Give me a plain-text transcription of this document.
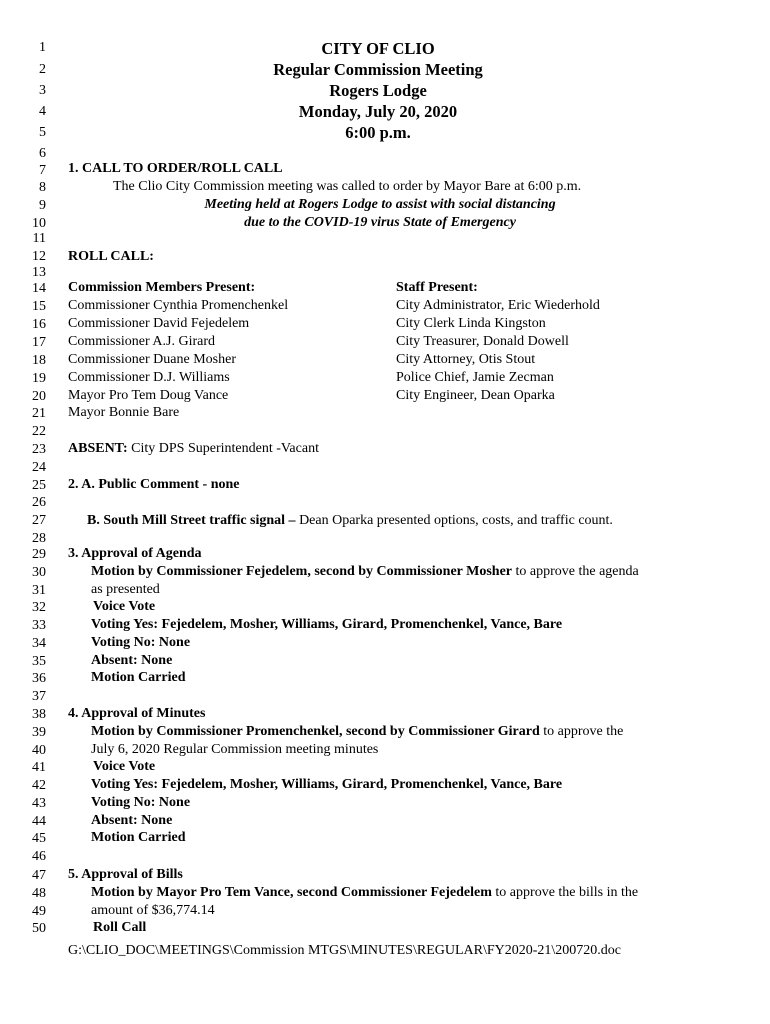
1
2
3
4
5
6
7
8
9
10
11
12
13
14
15
16
17
18
19
20
21
22
23
24
25
26
27
28
29
30
31
32
33
34
35
36
37
38
39
40
41
42
43
44
45
46
47
48
49
50
CITY OF CLIO
Regular Commission Meeting
Rogers Lodge
Monday, July 20, 2020
6:00 p.m.
1. CALL TO ORDER/ROLL CALL
The Clio City Commission meeting was called to order by Mayor Bare at 6:00 p.m.
Meeting held at Rogers Lodge to assist with social distancing
due to the COVID-19 virus State of Emergency
ROLL CALL:
Commission Members Present:	Staff Present:
Commissioner Cynthia Promenchenkel
Commissioner David Fejedelem
Commissioner A.J. Girard
Commissioner Duane Mosher
Commissioner D.J. Williams
Mayor Pro Tem Doug Vance
Mayor Bonnie Bare
City Administrator, Eric Wiederhold
City Clerk Linda Kingston
City Treasurer, Donald Dowell
City Attorney, Otis Stout
Police Chief, Jamie Zecman
City Engineer, Dean Oparka
ABSENT: City DPS Superintendent -Vacant
2. A. Public Comment - none
B. South Mill Street traffic signal – Dean Oparka presented options, costs, and traffic count.
3. Approval of Agenda
Motion by Commissioner Fejedelem, second by Commissioner Mosher to approve the agenda
as presented
Voice Vote
Voting Yes: Fejedelem, Mosher, Williams, Girard, Promenchenkel, Vance, Bare
Voting No: None
Absent: None
Motion Carried
4. Approval of Minutes
Motion by Commissioner Promenchenkel, second by Commissioner Girard to approve the
July 6, 2020 Regular Commission meeting minutes
Voice Vote
Voting Yes: Fejedelem, Mosher, Williams, Girard, Promenchenkel, Vance, Bare
Voting No: None
Absent: None
Motion Carried
5. Approval of Bills
Motion by Mayor Pro Tem Vance, second Commissioner Fejedelem to approve the bills in the
amount of $36,774.14
Roll Call
G:\CLIO_DOC\MEETINGS\Commission MTGS\MINUTES\REGULAR\FY2020-21\200720.doc
